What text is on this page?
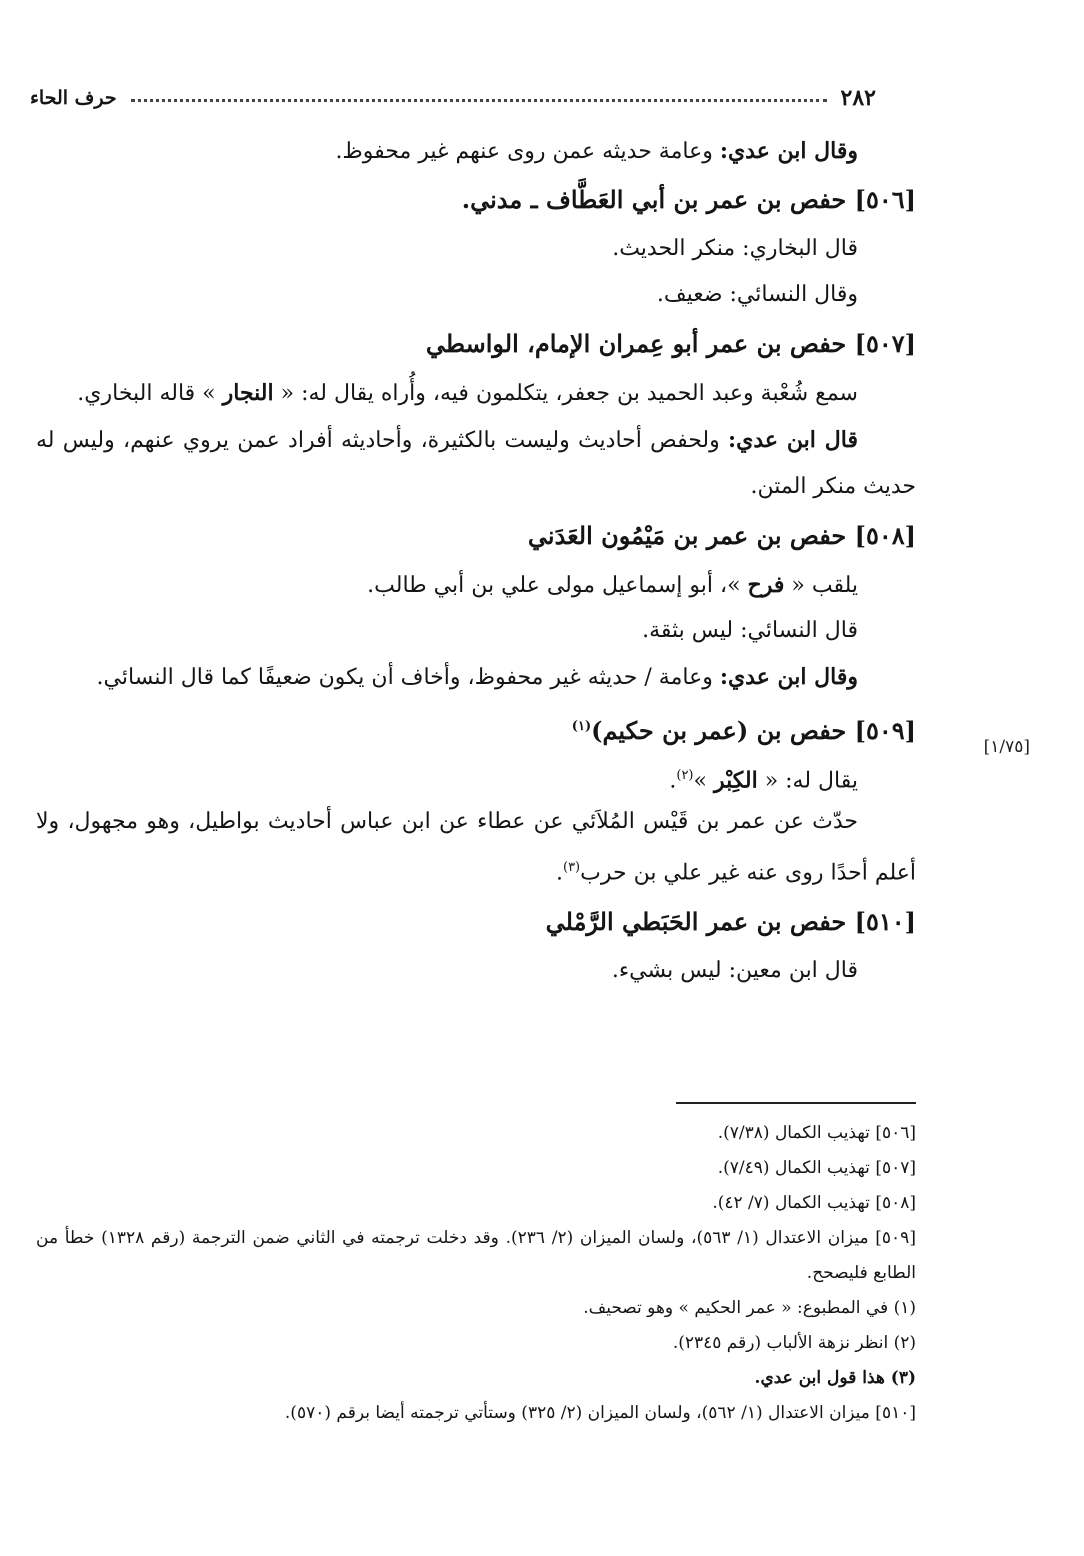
٢٨٢
حرف الحاء
[١/٧٥]
وقال ابن عدي: وعامة حديثه عمن روى عنهم غير محفوظ.
[٥٠٦] حفص بن عمر بن أبي العَطَّاف ـ مدني.
قال البخاري: منكر الحديث.
وقال النسائي: ضعيف.
[٥٠٧] حفص بن عمر أبو عِمران الإمام، الواسطي
سمع شُعْبة وعبد الحميد بن جعفر، يتكلمون فيه، وأُراه يقال له: « النجار » قاله البخاري.
قال ابن عدي: ولحفص أحاديث وليست بالكثيرة، وأحاديثه أفراد عمن يروي عنهم، وليس له حديث منكر المتن.
[٥٠٨] حفص بن عمر بن مَيْمُون العَدَني
يلقب « فرح »، أبو إسماعيل مولى علي بن أبي طالب.
قال النسائي: ليس بثقة.
وقال ابن عدي: وعامة / حديثه غير محفوظ، وأخاف أن يكون ضعيفًا كما قال النسائي.
[٥٠٩] حفص بن (عمر بن حكيم)$^{(١)}$
يقال له: « الكِبْر »$^{(٢)}$.
حدّث عن عمر بن قَيْس المُلاَئي عن عطاء عن ابن عباس أحاديث بواطيل، وهو مجهول، ولا أعلم أحدًا روى عنه غير علي بن حرب$^{(٣)}$.
[٥١٠] حفص بن عمر الحَبَطي الرَّمْلي
قال ابن معين: ليس بشيء.
[٥٠٦] تهذيب الكمال (٧/٣٨).
[٥٠٧] تهذيب الكمال (٧/٤٩).
[٥٠٨] تهذيب الكمال (٧/ ٤٢).
[٥٠٩] ميزان الاعتدال (١/ ٥٦٣)، ولسان الميزان (٢/ ٢٣٦). وقد دخلت ترجمته في الثاني ضمن الترجمة (رقم ١٣٢٨) خطأ من الطابع فليصحح.
(١) في المطبوع: « عمر الحكيم » وهو تصحيف.
(٢) انظر نزهة الألباب (رقم ٢٣٤٥).
(٣) هذا قول ابن عدي.
[٥١٠] ميزان الاعتدال (١/ ٥٦٢)، ولسان الميزان (٢/ ٣٢٥) وستأتي ترجمته أيضا برقم (٥٧٠).
